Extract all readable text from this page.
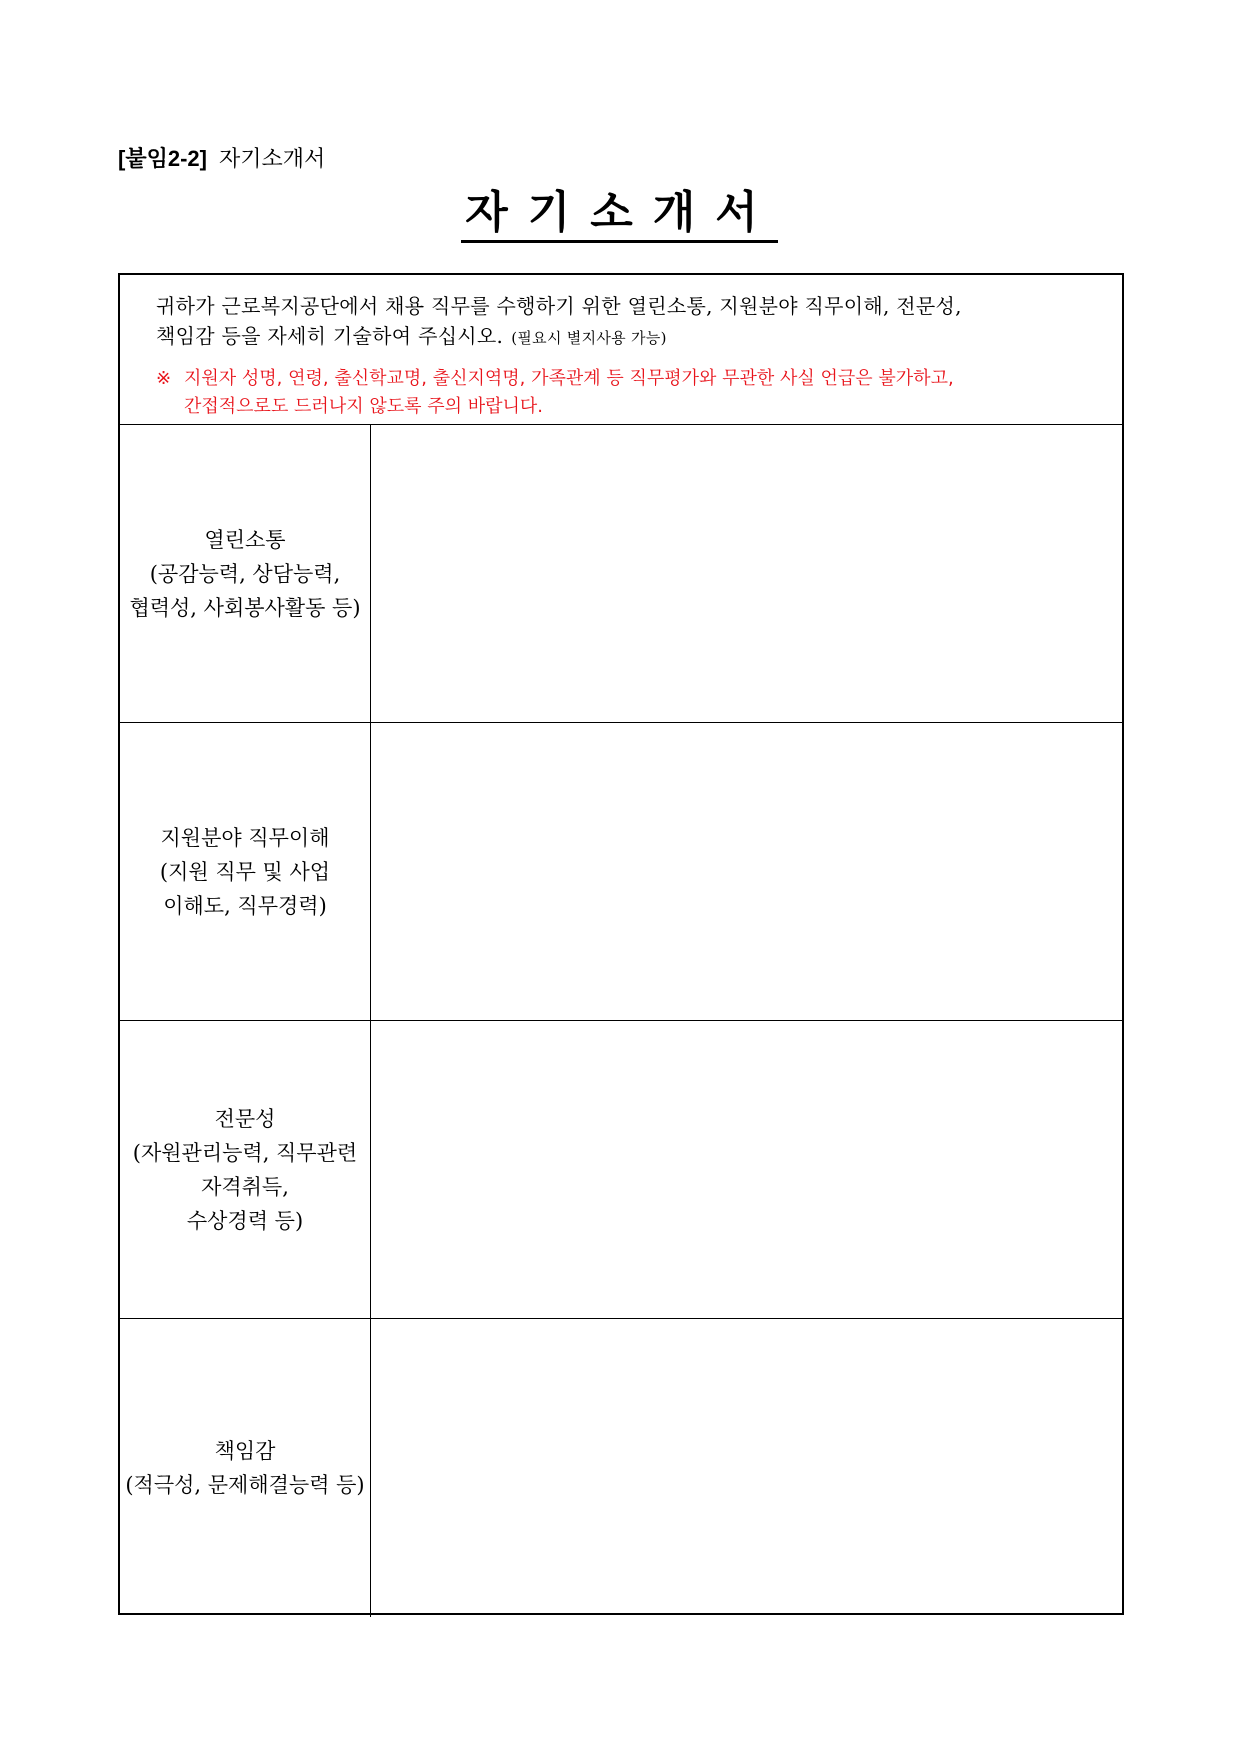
[붙임2-2] 자기소개서
자기소개서
귀하가 근로복지공단에서 채용 직무를 수행하기 위한 열린소통, 지원분야 직무이해, 전문성,
책임감 등을 자세히 기술하여 주십시오. (필요시 별지사용 가능)
※ 지원자 성명, 연령, 출신학교명, 출신지역명, 가족관계 등 직무평가와 무관한 사실 언급은 불가하고,
간접적으로도 드러나지 않도록 주의 바랍니다.
열린소통
(공감능력, 상담능력,
협력성, 사회봉사활동 등)
지원분야 직무이해
(지원 직무 및 사업
이해도, 직무경력)
전문성
(자원관리능력, 직무관련
자격취득,
수상경력 등)
책임감
(적극성, 문제해결능력 등)
